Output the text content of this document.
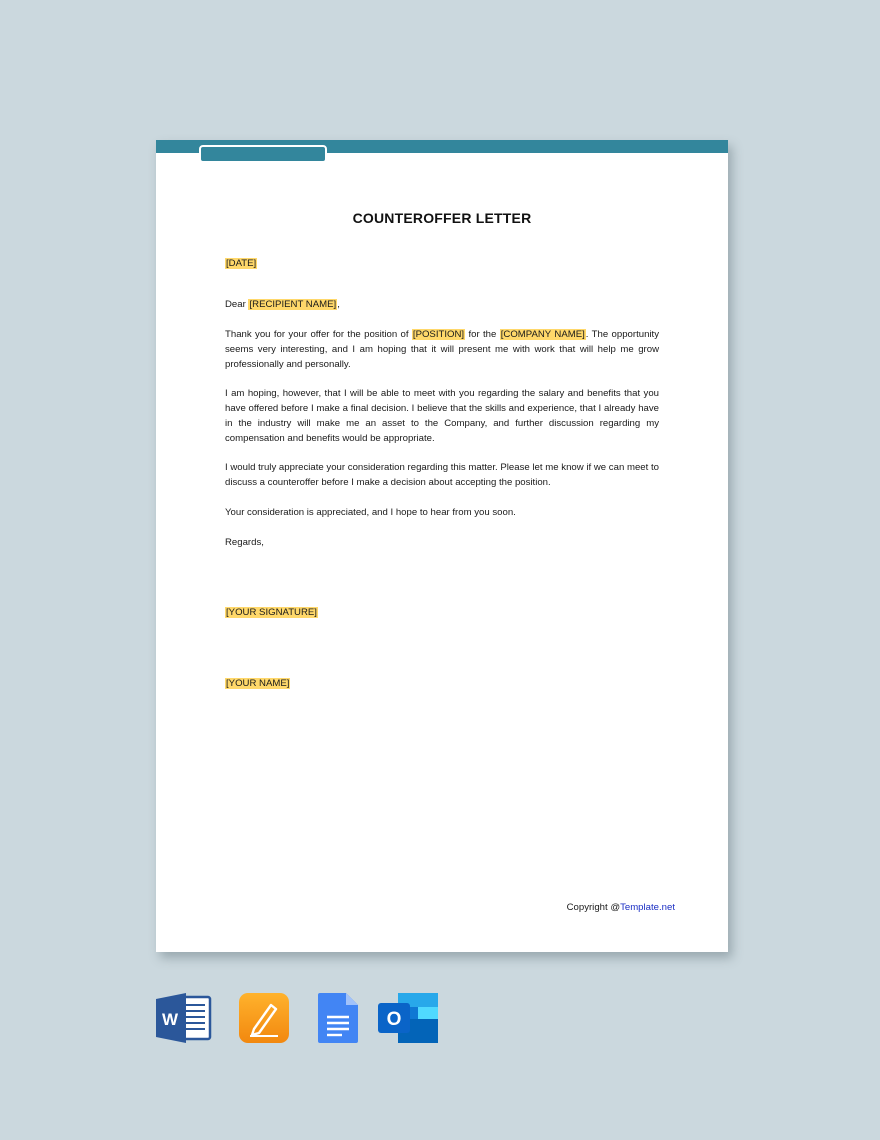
COUNTEROFFER LETTER
[DATE]
Dear [RECIPIENT NAME],
Thank you for your offer for the position of [POSITION] for the [COMPANY NAME]. The opportunity seems very interesting, and I am hoping that it will present me with work that will help me grow professionally and personally.
I am hoping, however, that I will be able to meet with you regarding the salary and benefits that you have offered before I make a final decision. I believe that the skills and experience, that I already have in the industry will make me an asset to the Company, and further discussion regarding my compensation and benefits would be appropriate.
I would truly appreciate your consideration regarding this matter. Please let me know if we can meet to discuss a counteroffer before I make a decision about accepting the position.
Your consideration is appreciated, and I hope to hear from you soon.
Regards,
[YOUR SIGNATURE]
[YOUR NAME]
Copyright @Template.net
W	O
